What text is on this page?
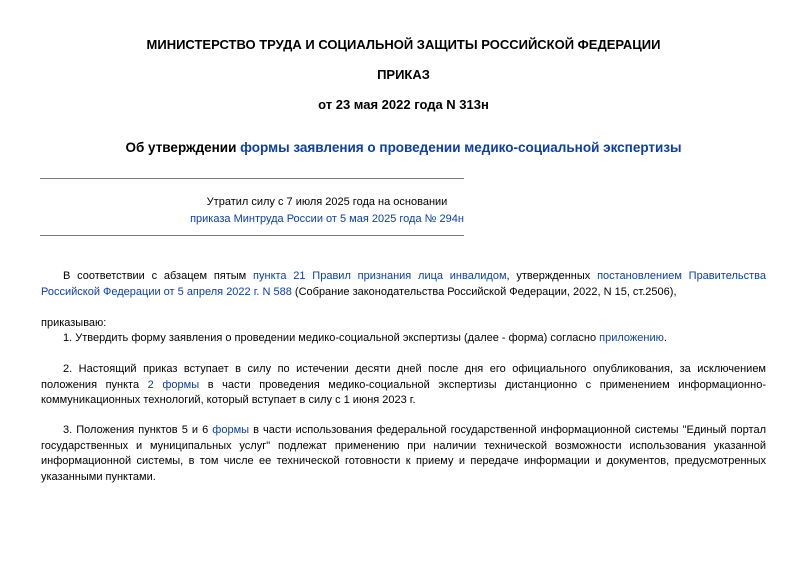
МИНИСТЕРСТВО ТРУДА И СОЦИАЛЬНОЙ ЗАЩИТЫ РОССИЙСКОЙ ФЕДЕРАЦИИ
ПРИКАЗ
от 23 мая 2022 года N 313н
Об утверждении формы заявления о проведении медико-социальной экспертизы
Утратил силу с 7 июля 2025 года на основании
приказа Минтруда России от 5 мая 2025 года № 294н
В соответствии с абзацем пятым пункта 21 Правил признания лица инвалидом, утвержденных постановлением Правительства Российской Федерации от 5 апреля 2022 г. N 588 (Собрание законодательства Российской Федерации, 2022, N 15, ст.2506),
приказываю:
1. Утвердить форму заявления о проведении медико-социальной экспертизы (далее - форма) согласно приложению.
2. Настоящий приказ вступает в силу по истечении десяти дней после дня его официального опубликования, за исключением положения пункта 2 формы в части проведения медико-социальной экспертизы дистанционно с применением информационно-коммуникационных технологий, который вступает в силу с 1 июня 2023 г.
3. Положения пунктов 5 и 6 формы в части использования федеральной государственной информационной системы "Единый портал государственных и муниципальных услуг" подлежат применению при наличии технической возможности использования указанной информационной системы, в том числе ее технической готовности к приему и передаче информации и документов, предусмотренных указанными пунктами.
